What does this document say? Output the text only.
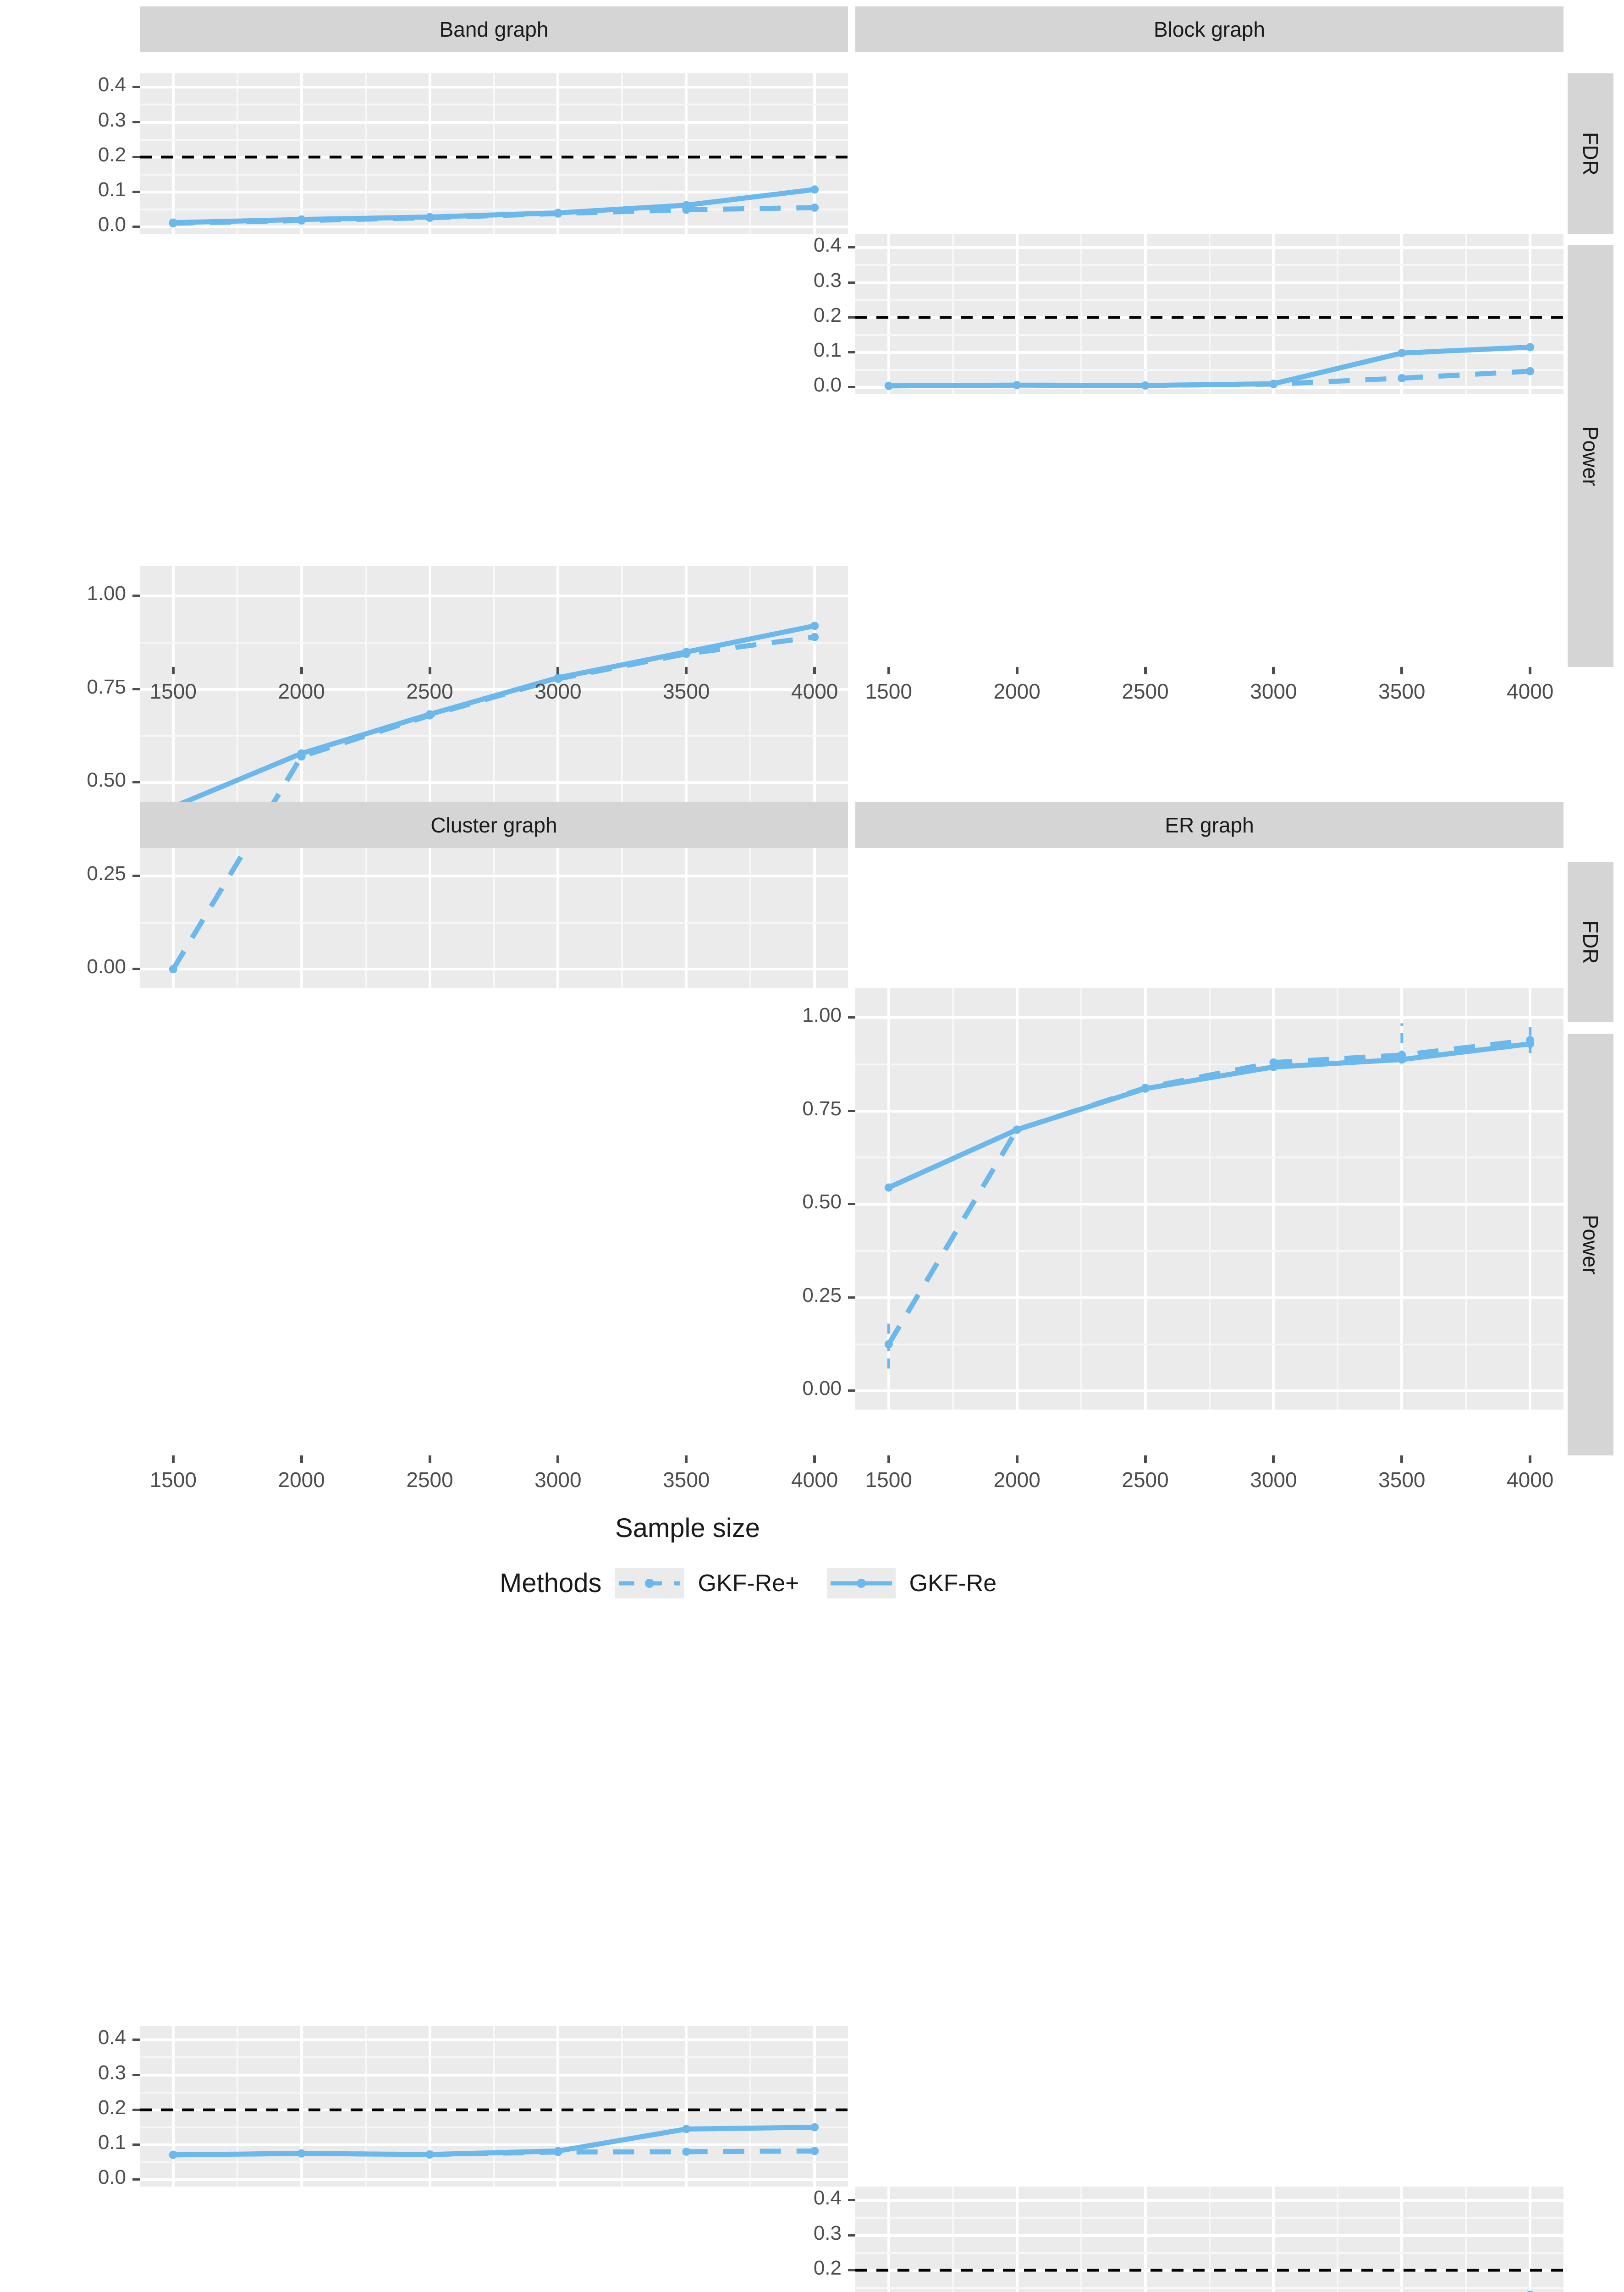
Band graph	Block graph
FDR
Power
Cluster graph	ER graph
FDR
Power
0.0
0.1
0.2
0.3
0.4
0.0
0.1
0.2
0.3
0.4
0.00
0.25
0.50
0.75
1.00
0.00
0.25
0.50
0.75
1.00
0.0
0.1
0.2
0.3
0.4
0.2
0.3
0.4
1500	2000	2500	3000	3500	4000	1500	2000	2500	3000	3500	4000
1500	2000	2500	3000	3500	4000	1500	2000	2500	3000	3500	4000
Sample size
Methods	GKF-Re+	GKF-Re
